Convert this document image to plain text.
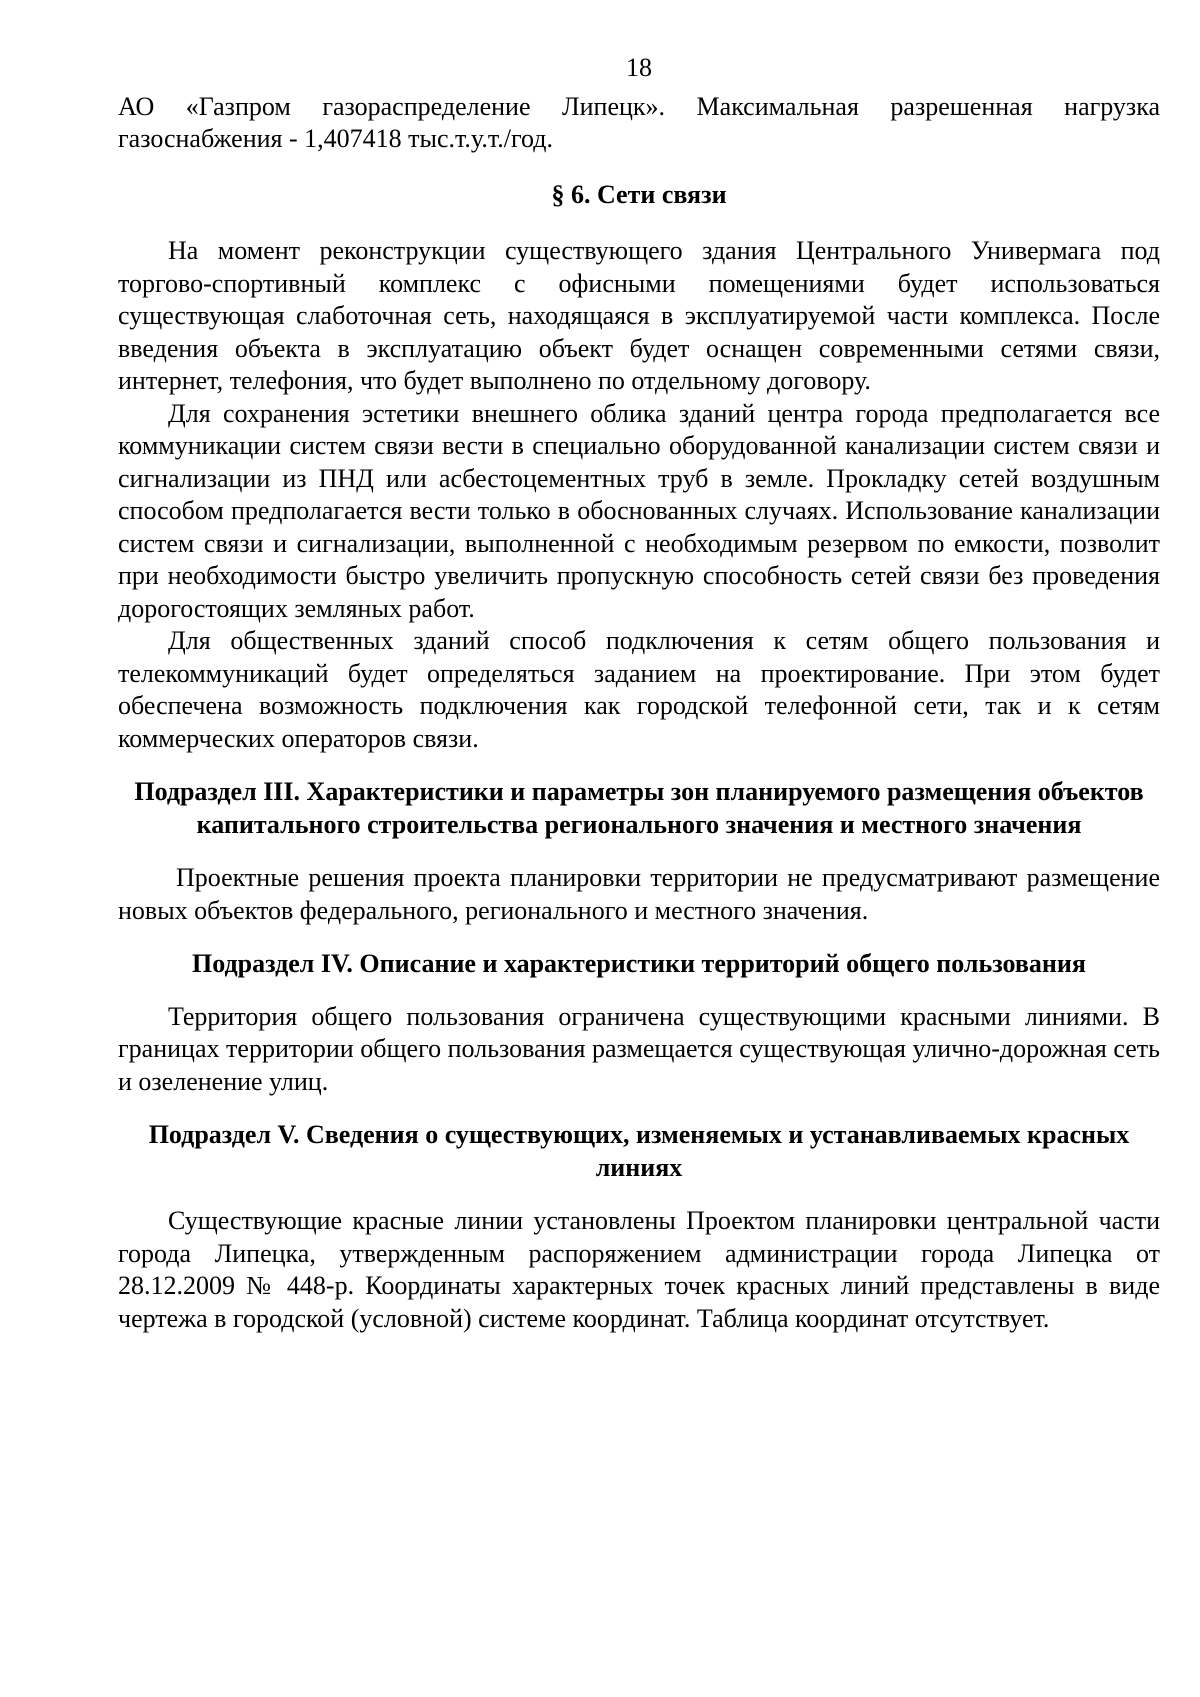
18

АО «Газпром газораспределение Липецк». Максимальная разрешенная нагрузка газоснабжения - 1,407418 тыс.т.у.т./год.

§ 6. Сети связи

На момент реконструкции существующего здания Центрального Универмага под торгово-спортивный комплекс с офисными помещениями будет использоваться существующая слаботочная сеть, находящаяся в эксплуатируемой части комплекса. После введения объекта в эксплуатацию объект будет оснащен современными сетями связи, интернет, телефония, что будет выполнено по отдельному договору.

Для сохранения эстетики внешнего облика зданий центра города предполагается все коммуникации систем связи вести в специально оборудованной канализации систем связи и сигнализации из ПНД или асбестоцементных труб в земле. Прокладку сетей воздушным способом предполагается вести только в обоснованных случаях. Использование канализации систем связи и сигнализации, выполненной с необходимым резервом по емкости, позволит при необходимости быстро увеличить пропускную способность сетей связи без проведения дорогостоящих земляных работ.

Для общественных зданий способ подключения к сетям общего пользования и телекоммуникаций будет определяться заданием на проектирование. При этом будет обеспечена возможность подключения как городской телефонной сети, так и к сетям коммерческих операторов связи.

Подраздел III. Характеристики и параметры зон планируемого размещения объектов капитального строительства регионального значения и местного значения

Проектные решения проекта планировки территории не предусматривают размещение новых объектов федерального, регионального и местного значения.

Подраздел IV. Описание и характеристики территорий общего пользования

Территория общего пользования ограничена существующими красными линиями. В границах территории общего пользования размещается существующая улично-дорожная сеть и озеленение улиц.

Подраздел V. Сведения о существующих, изменяемых и устанавливаемых красных линиях

Существующие красные линии установлены Проектом планировки центральной части города Липецка, утвержденным распоряжением администрации города Липецка от 28.12.2009 № 448-р. Координаты характерных точек красных линий представлены в виде чертежа в городской (условной) системе координат. Таблица координат отсутствует.
